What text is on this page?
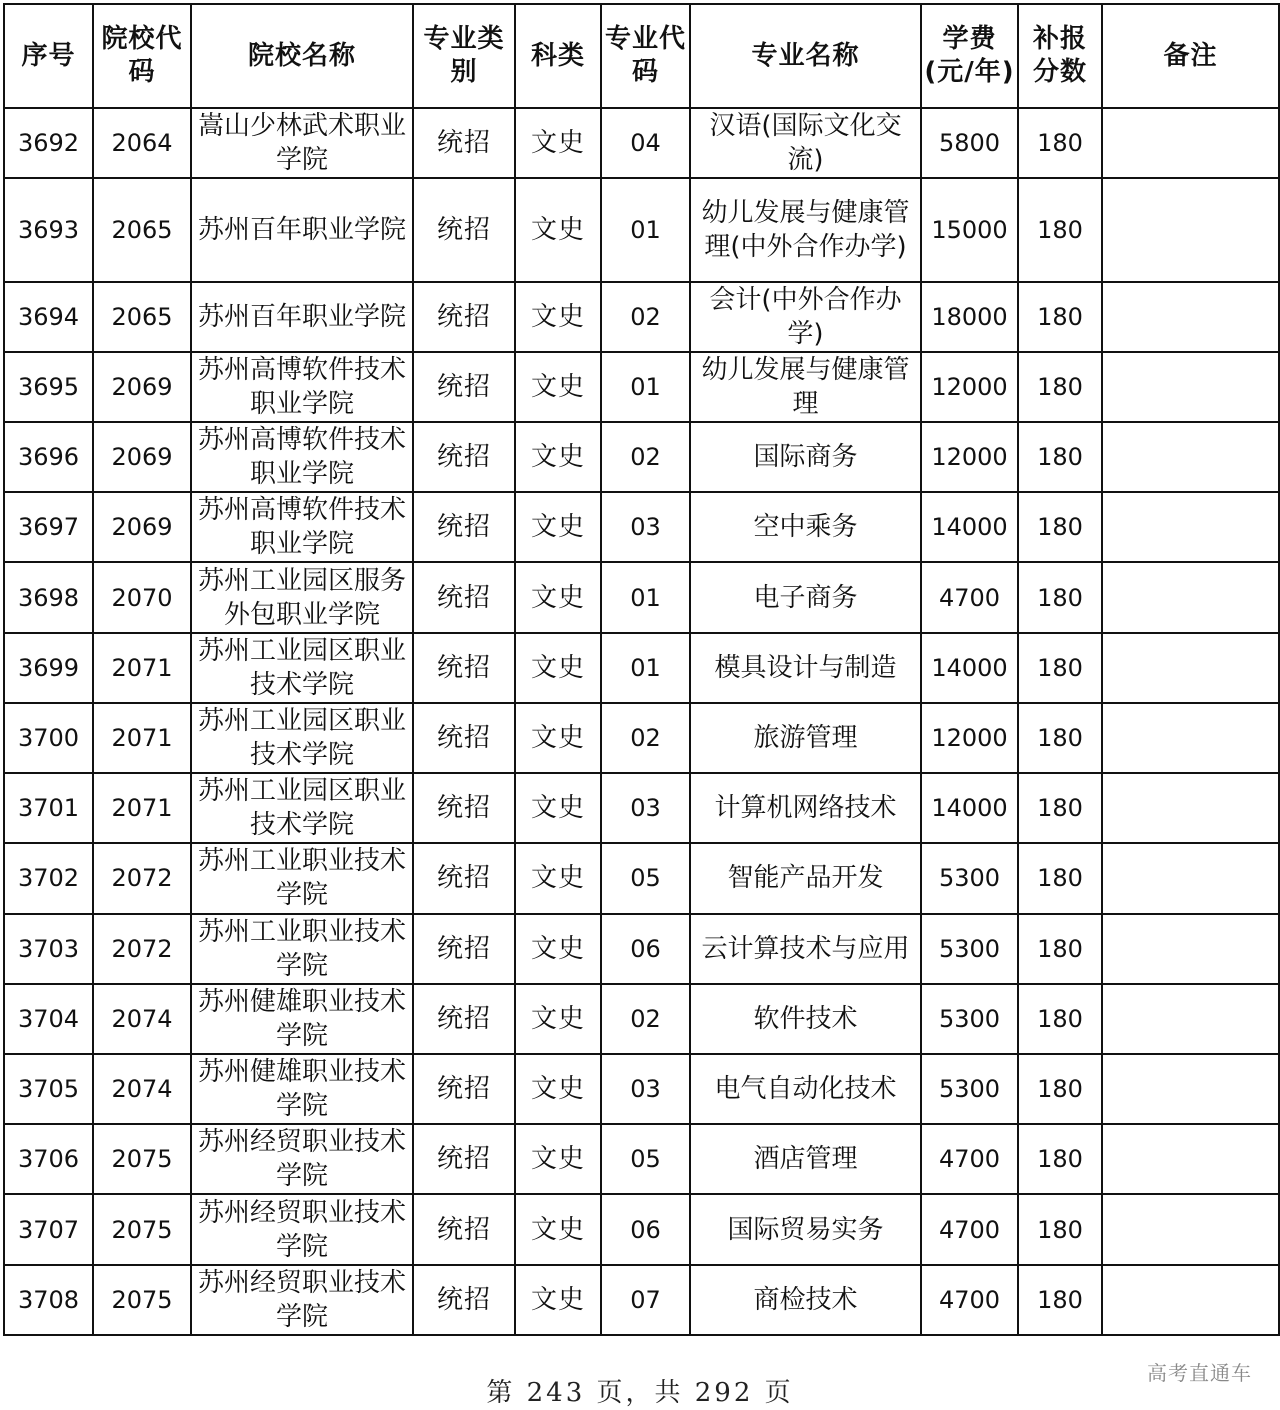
序号	院校代码	院校名称	专业类别	科类	专业代码	专业名称	学费(元/年)	补报分数	备注
3692	2064	嵩山少林武术职业学院	统招	文史	04	汉语(国际文化交流)	5800	180	
3693	2065	苏州百年职业学院	统招	文史	01	幼儿发展与健康管理(中外合作办学)	15000	180	
3694	2065	苏州百年职业学院	统招	文史	02	会计(中外合作办学)	18000	180	
3695	2069	苏州高博软件技术职业学院	统招	文史	01	幼儿发展与健康管理	12000	180	
3696	2069	苏州高博软件技术职业学院	统招	文史	02	国际商务	12000	180	
3697	2069	苏州高博软件技术职业学院	统招	文史	03	空中乘务	14000	180	
3698	2070	苏州工业园区服务外包职业学院	统招	文史	01	电子商务	4700	180	
3699	2071	苏州工业园区职业技术学院	统招	文史	01	模具设计与制造	14000	180	
3700	2071	苏州工业园区职业技术学院	统招	文史	02	旅游管理	12000	180	
3701	2071	苏州工业园区职业技术学院	统招	文史	03	计算机网络技术	14000	180	
3702	2072	苏州工业职业技术学院	统招	文史	05	智能产品开发	5300	180	
3703	2072	苏州工业职业技术学院	统招	文史	06	云计算技术与应用	5300	180	
3704	2074	苏州健雄职业技术学院	统招	文史	02	软件技术	5300	180	
3705	2074	苏州健雄职业技术学院	统招	文史	03	电气自动化技术	5300	180	
3706	2075	苏州经贸职业技术学院	统招	文史	05	酒店管理	4700	180	
3707	2075	苏州经贸职业技术学院	统招	文史	06	国际贸易实务	4700	180	
3708	2075	苏州经贸职业技术学院	统招	文史	07	商检技术	4700	180	
第 243 页，共 292 页
高考直通车
